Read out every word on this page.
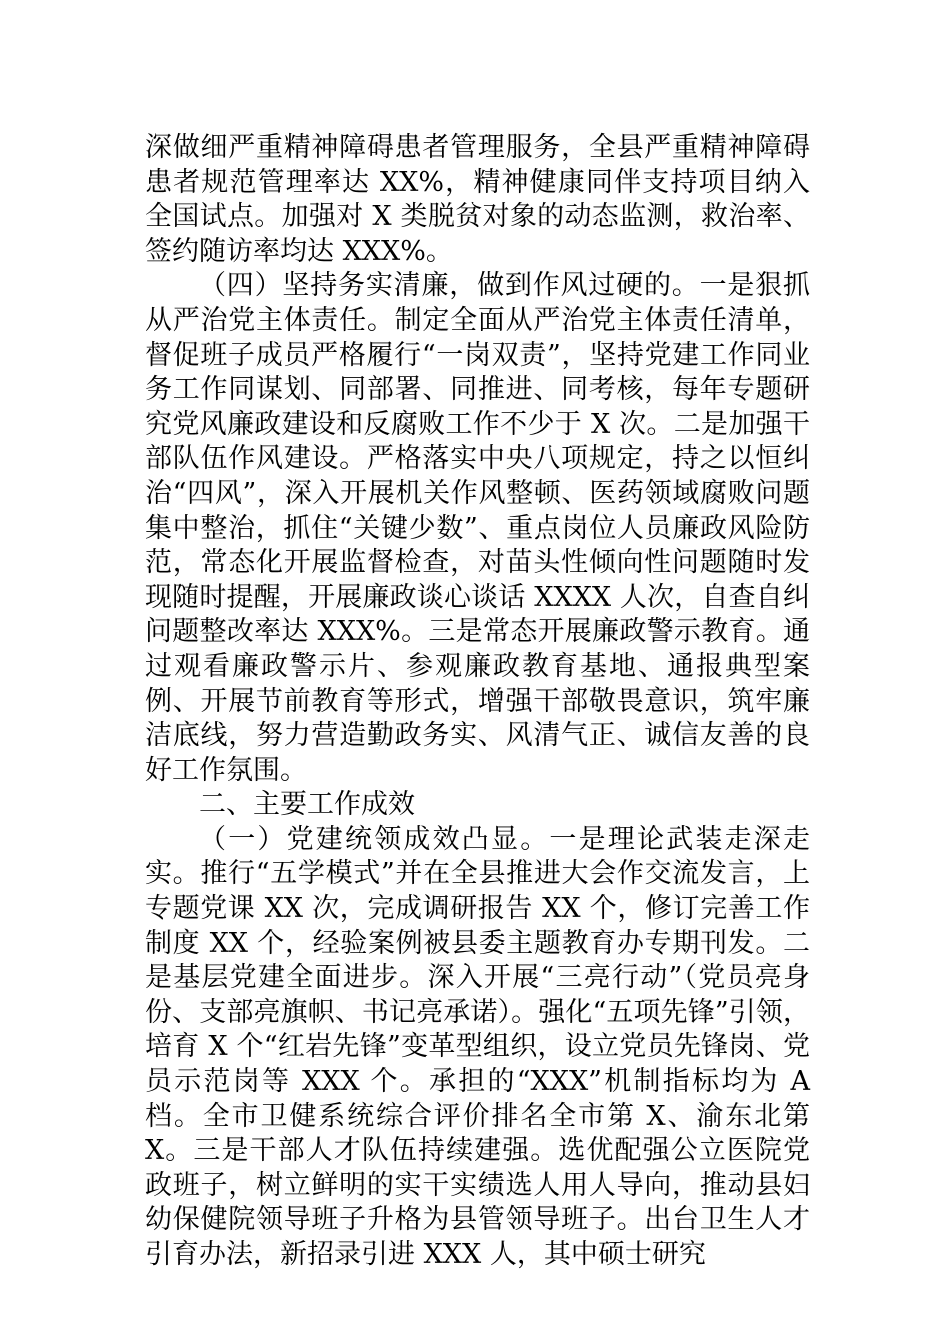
深做细严重精神障碍患者管理服务，全县严重精神障碍患者规范管理率达 XX%，精神健康同伴支持项目纳入全国试点。加强对 X 类脱贫对象的动态监测，救治率、签约随访率均达 XXX%。

（四）坚持务实清廉，做到作风过硬的。一是狠抓从严治党主体责任。制定全面从严治党主体责任清单，督促班子成员严格履行“一岗双责”，坚持党建工作同业务工作同谋划、同部署、同推进、同考核，每年专题研究党风廉政建设和反腐败工作不少于 X 次。二是加强干部队伍作风建设。严格落实中央八项规定，持之以恒纠治“四风”，深入开展机关作风整顿、医药领域腐败问题集中整治，抓住“关键少数”、重点岗位人员廉政风险防范，常态化开展监督检查，对苗头性倾向性问题随时发现随时提醒，开展廉政谈心谈话 XXXX 人次，自查自纠问题整改率达 XXX%。三是常态开展廉政警示教育。通过观看廉政警示片、参观廉政教育基地、通报典型案例、开展节前教育等形式，增强干部敬畏意识，筑牢廉洁底线，努力营造勤政务实、风清气正、诚信友善的良好工作氛围。

二、主要工作成效

（一）党建统领成效凸显。一是理论武装走深走实。推行“五学模式”并在全县推进大会作交流发言，上专题党课 XX 次，完成调研报告 XX 个，修订完善工作制度 XX 个，经验案例被县委主题教育办专期刊发。二是基层党建全面进步。深入开展“三亮行动”（党员亮身份、支部亮旗帜、书记亮承诺）。强化“五项先锋”引领，培育 X 个“红岩先锋”变革型组织，设立党员先锋岗、党员示范岗等 XXX 个。承担的“XXX”机制指标均为 A 档。全市卫健系统综合评价排名全市第 X、渝东北第 X。三是干部人才队伍持续建强。选优配强公立医院党政班子，树立鲜明的实干实绩选人用人导向，推动县妇幼保健院领导班子升格为县管领导班子。出台卫生人才引育办法，新招录引进 XXX 人，其中硕士研究
